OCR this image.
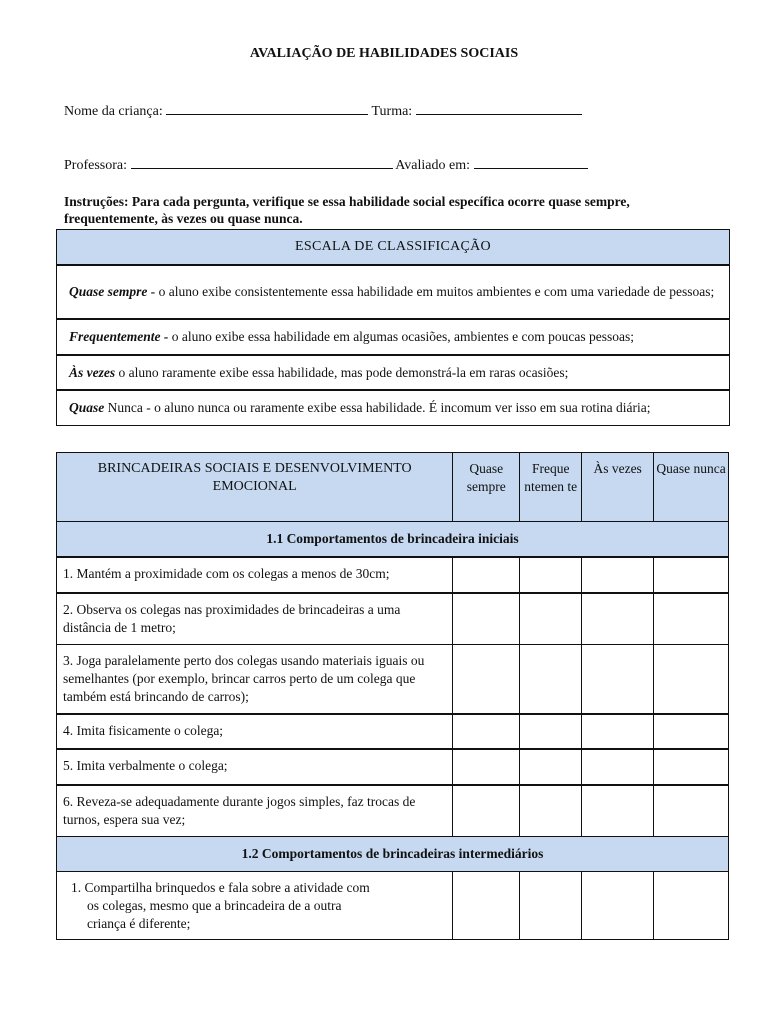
AVALIAÇÃO DE HABILIDADES SOCIAIS
Nome da criança:	Turma:
Professora:	Avaliado em:
Instruções: Para cada pergunta, verifique se essa habilidade social específica ocorre quase sempre, frequentemente, às vezes ou quase nunca.
ESCALA DE CLASSIFICAÇÃO
Quase sempre - o aluno exibe consistentemente essa habilidade em muitos ambientes e com uma variedade de pessoas;
Frequentemente - o aluno exibe essa habilidade em algumas ocasiões, ambientes e com poucas pessoas;
Às vezes o aluno raramente exibe essa habilidade, mas pode demonstrá-la em raras ocasiões;
Quase Nunca - o aluno nunca ou raramente exibe essa habilidade. É incomum ver isso em sua rotina diária;
BRINCADEIRAS SOCIAIS E DESENVOLVIMENTO EMOCIONAL	Quase sempre	Freque ntemen te	Às vezes	Quase nunca
1.1 Comportamentos de brincadeira iniciais				
1. Mantém a proximidade com os colegas a menos de 30cm;				
2. Observa os colegas nas proximidades de brincadeiras a uma distância de 1 metro;				
3. Joga paralelamente perto dos colegas usando materiais iguais ou semelhantes (por exemplo, brincar carros perto de um colega que também está brincando de carros);				
4. Imita fisicamente o colega;				
5. Imita verbalmente o colega;				
6. Reveza-se adequadamente durante jogos simples, faz trocas de turnos, espera sua vez;				
1.2 Comportamentos de brincadeiras intermediários				

1. Compartilha brinquedos e fala sobre a atividade com
os colegas, mesmo que a brincadeira de a outra
criança é diferente;				
